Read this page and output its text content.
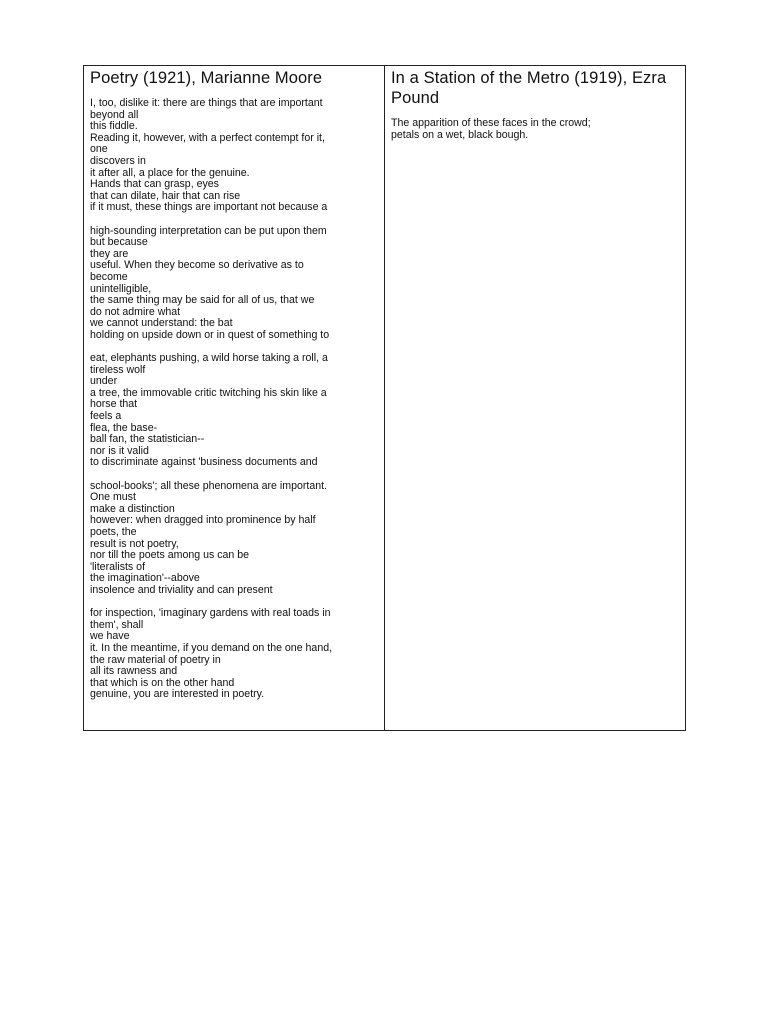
Poetry (1921), Marianne Moore
I, too, dislike it: there are things that are important
beyond all
this fiddle.
Reading it, however, with a perfect contempt for it,
one
discovers in
it after all, a place for the genuine.
Hands that can grasp, eyes
that can dilate, hair that can rise
if it must, these things are important not because a
high-sounding interpretation can be put upon them
but because
they are
useful. When they become so derivative as to
become
unintelligible,
the same thing may be said for all of us, that we
do not admire what
we cannot understand: the bat
holding on upside down or in quest of something to
eat, elephants pushing, a wild horse taking a roll, a
tireless wolf
under
a tree, the immovable critic twitching his skin like a
horse that
feels a
flea, the base-
ball fan, the statistician--
nor is it valid
to discriminate against 'business documents and
school-books'; all these phenomena are important.
One must
make a distinction
however: when dragged into prominence by half
poets, the
result is not poetry,
nor till the poets among us can be
'literalists of
the imagination'--above
insolence and triviality and can present
for inspection, 'imaginary gardens with real toads in
them', shall
we have
it. In the meantime, if you demand on the one hand,
the raw material of poetry in
all its rawness and
that which is on the other hand
genuine, you are interested in poetry.
In a Station of the Metro (1919), Ezra Pound
The apparition of these faces in the crowd;
petals on a wet, black bough.
